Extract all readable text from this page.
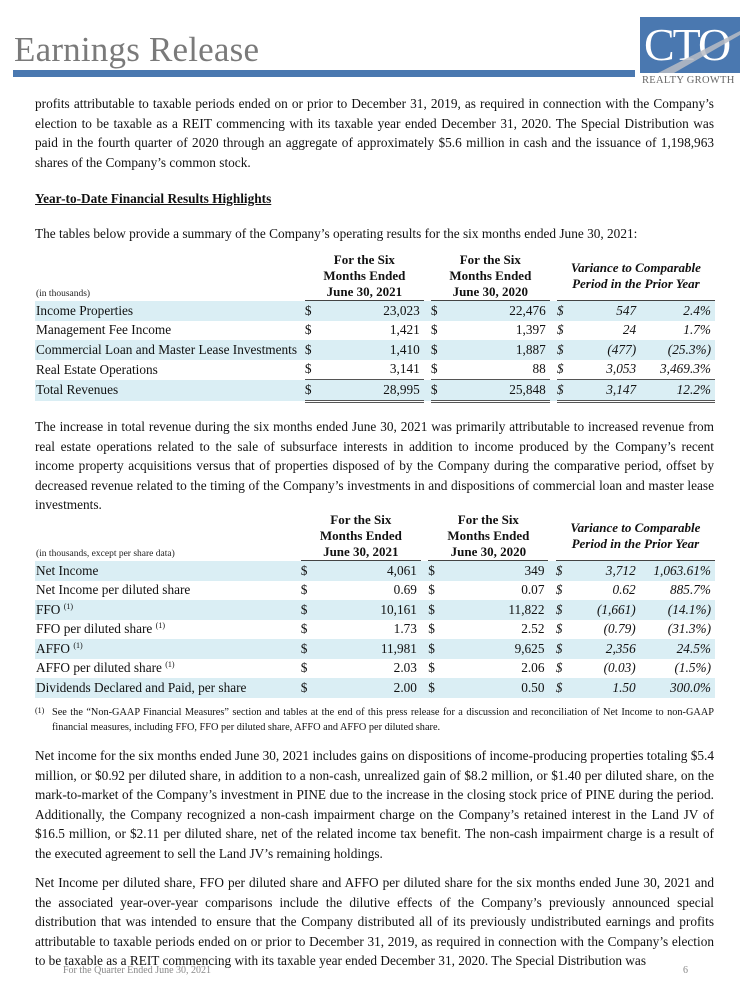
Earnings Release	CTO
REALTY GROWTH
profits attributable to taxable periods ended on or prior to December 31, 2019, as required in connection with the Company’s election to be taxable as a REIT commencing with its taxable year ended December 31, 2020. The Special Distribution was paid in the fourth quarter of 2020 through an aggregate of approximately $5.6 million in cash and the issuance of 1,198,963 shares of the Company’s common stock.
Year-to-Date Financial Results Highlights
The tables below provide a summary of the Company’s operating results for the six months ended June 30, 2021:
(in thousands)	
For the Six
Months Ended
June 30, 2021

For the Six
Months Ended
June 30, 2020

Variance to Comparable
Period in the Prior Year

Income Properties	$	23,023		$	22,476		$	547	2.4%
Management Fee Income	$	1,421		$	1,397		$	24	1.7%
Commercial Loan and Master Lease Investments	$	1,410		$	1,887		$	(477)	(25.3%)
Real Estate Operations	$	3,141		$	88		$	3,053	3,469.3%
Total Revenues	$	28,995		$	25,848		$	3,147	12.2%
The increase in total revenue during the six months ended June 30, 2021 was primarily attributable to increased revenue from real estate operations related to the sale of subsurface interests in addition to income produced by the Company’s recent income property acquisitions versus that of properties disposed of by the Company during the comparative period, offset by decreased revenue related to the timing of the Company’s investments in and dispositions of commercial loan and master lease investments.
(in thousands, except per share data)	
For the Six
Months Ended
June 30, 2021

For the Six
Months Ended
June 30, 2020

Variance to Comparable
Period in the Prior Year

Net Income	$	4,061		$	349		$	3,712	1,063.61%
Net Income per diluted share	$	0.69		$	0.07		$	0.62	885.7%
FFO $^{(1)}$	$	10,161		$	11,822		$	(1,661)	(14.1%)
FFO per diluted share $^{(1)}$	$	1.73		$	2.52		$	(0.79)	(31.3%)
AFFO $^{(1)}$	$	11,981		$	9,625		$	2,356	24.5%
AFFO per diluted share $^{(1)}$	$	2.03		$	2.06		$	(0.03)	(1.5%)
Dividends Declared and Paid, per share	$	2.00		$	0.50		$	1.50	300.0%
(1) See the “Non-GAAP Financial Measures” section and tables at the end of this press release for a discussion and reconciliation of Net Income to non-GAAP financial measures, including FFO, FFO per diluted share, AFFO and AFFO per diluted share.
Net income for the six months ended June 30, 2021 includes gains on dispositions of income-producing properties totaling $5.4 million, or $0.92 per diluted share, in addition to a non-cash, unrealized gain of $8.2 million, or $1.40 per diluted share, on the mark-to-market of the Company’s investment in PINE due to the increase in the closing stock price of PINE during the period. Additionally, the Company recognized a non-cash impairment charge on the Company’s retained interest in the Land JV of $16.5 million, or $2.11 per diluted share, net of the related income tax benefit. The non-cash impairment charge is a result of the executed agreement to sell the Land JV’s remaining holdings.
Net Income per diluted share, FFO per diluted share and AFFO per diluted share for the six months ended June 30, 2021 and the associated year-over-year comparisons include the dilutive effects of the Company’s previously announced special distribution that was intended to ensure that the Company distributed all of its previously undistributed earnings and profits attributable to taxable periods ended on or prior to December 31, 2019, as required in connection with the Company’s election to be taxable as a REIT commencing with its taxable year ended December 31, 2020. The Special Distribution was
For the Quarter Ended June 30, 2021	6
